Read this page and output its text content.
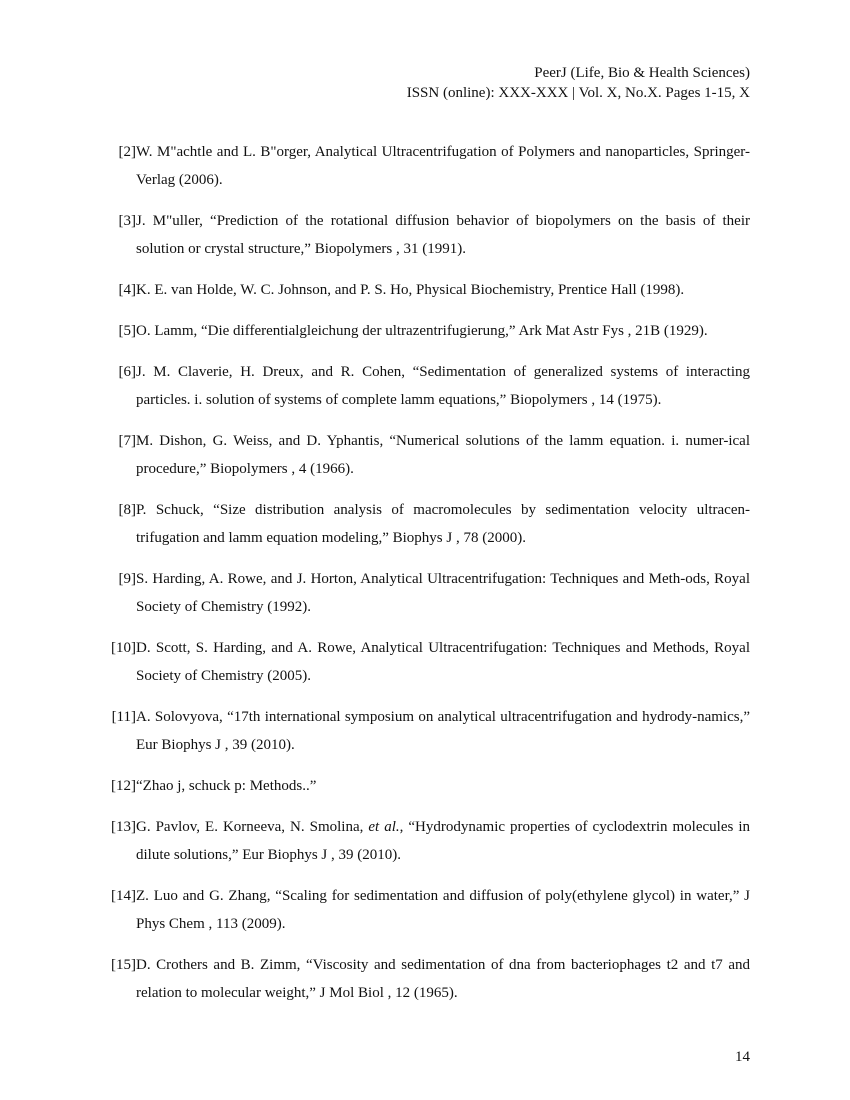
PeerJ (Life, Bio & Health Sciences)
ISSN (online): XXX-XXX | Vol. X, No.X. Pages 1-15, X
[2] W. M"achtle and L. B"orger, Analytical Ultracentrifugation of Polymers and nanoparticles, Springer-Verlag (2006).
[3] J. M"uller, “Prediction of the rotational diffusion behavior of biopolymers on the basis of their solution or crystal structure,” Biopolymers , 31 (1991).
[4] K. E. van Holde, W. C. Johnson, and P. S. Ho, Physical Biochemistry, Prentice Hall (1998).
[5] O. Lamm, “Die differentialgleichung der ultrazentrifugierung,” Ark Mat Astr Fys , 21B (1929).
[6] J. M. Claverie, H. Dreux, and R. Cohen, “Sedimentation of generalized systems of interacting particles. i. solution of systems of complete lamm equations,” Biopolymers , 14 (1975).
[7] M. Dishon, G. Weiss, and D. Yphantis, “Numerical solutions of the lamm equation. i. numer-ical procedure,” Biopolymers , 4 (1966).
[8] P. Schuck, “Size distribution analysis of macromolecules by sedimentation velocity ultracen-trifugation and lamm equation modeling,” Biophys J , 78 (2000).
[9] S. Harding, A. Rowe, and J. Horton, Analytical Ultracentrifugation: Techniques and Meth-ods, Royal Society of Chemistry (1992).
[10] D. Scott, S. Harding, and A. Rowe, Analytical Ultracentrifugation: Techniques and Methods, Royal Society of Chemistry (2005).
[11] A. Solovyova, “17th international symposium on analytical ultracentrifugation and hydrody-namics,” Eur Biophys J , 39 (2010).
[12] “Zhao j, schuck p: Methods..”
[13] G. Pavlov, E. Korneeva, N. Smolina, et al., “Hydrodynamic properties of cyclodextrin molecules in dilute solutions,” Eur Biophys J , 39 (2010).
[14] Z. Luo and G. Zhang, “Scaling for sedimentation and diffusion of poly(ethylene glycol) in water,” J Phys Chem , 113 (2009).
[15] D. Crothers and B. Zimm, “Viscosity and sedimentation of dna from bacteriophages t2 and t7 and relation to molecular weight,” J Mol Biol , 12 (1965).
14
